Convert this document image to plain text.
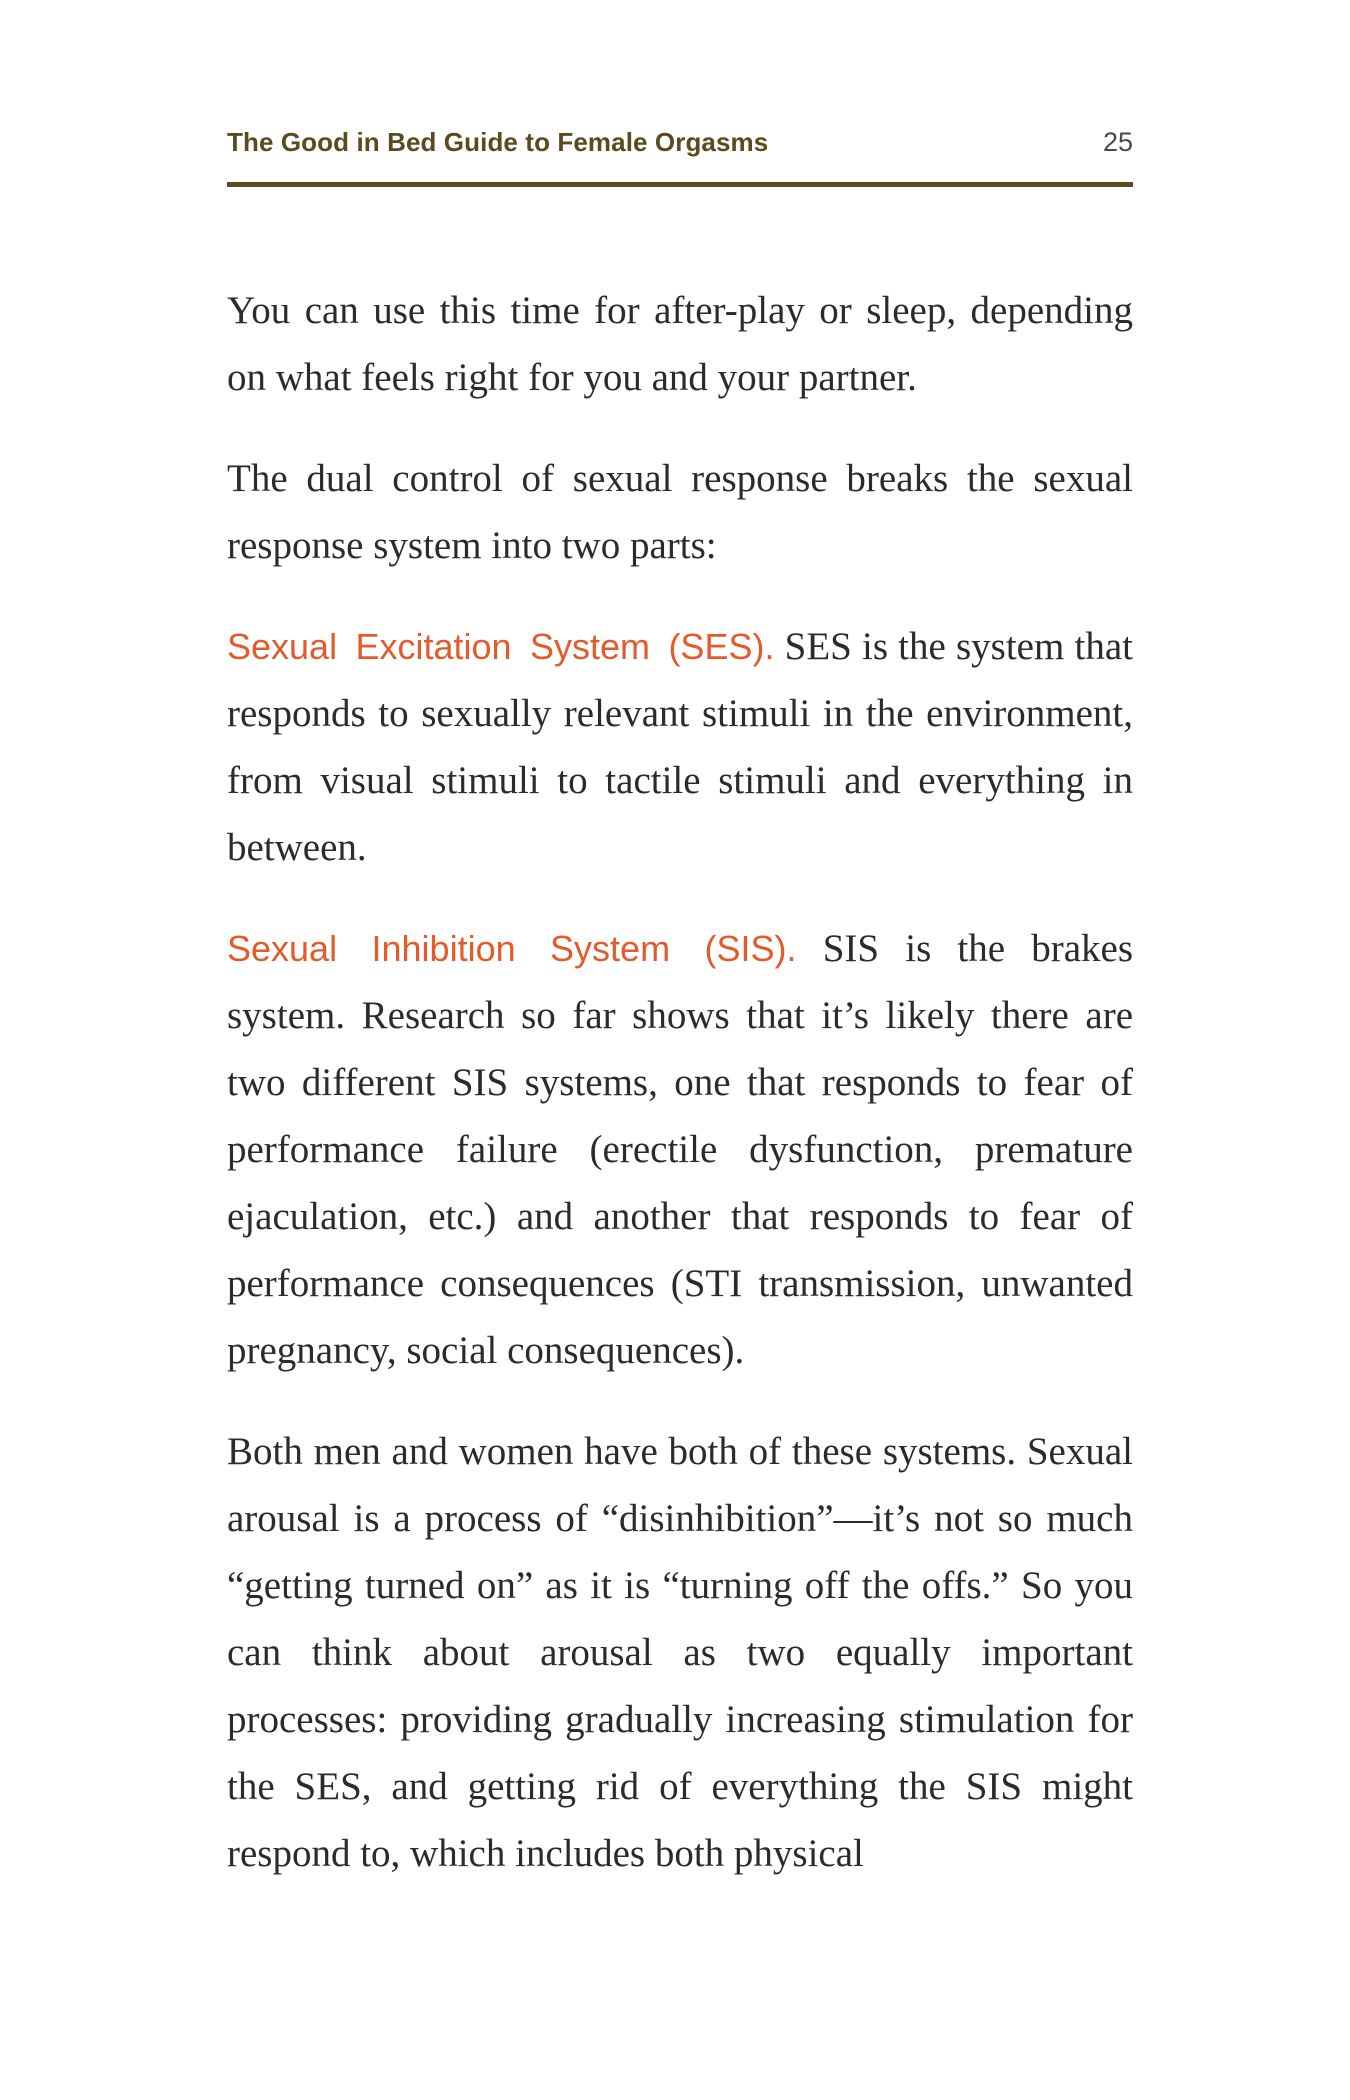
The Good in Bed Guide to Female Orgasms	25

You can use this time for after-play or sleep, depending on what feels right for you and your partner.

The dual control of sexual response breaks the sexual response system into two parts:

Sexual Excitation System (SES). SES is the system that responds to sexually relevant stimuli in the environment, from visual stimuli to tactile stimuli and everything in between.

Sexual Inhibition System (SIS). SIS is the brakes system. Research so far shows that it’s likely there are two different SIS systems, one that responds to fear of performance failure (erectile dysfunction, premature ejaculation, etc.) and another that responds to fear of performance consequences (STI transmission, unwanted pregnancy, social consequences).

Both men and women have both of these systems. Sexual arousal is a process of “disinhibition”—it’s not so much “getting turned on” as it is “turning off the offs.” So you can think about arousal as two equally important processes: providing gradually increasing stimulation for the SES, and getting rid of everything the SIS might respond to, which includes both physical
